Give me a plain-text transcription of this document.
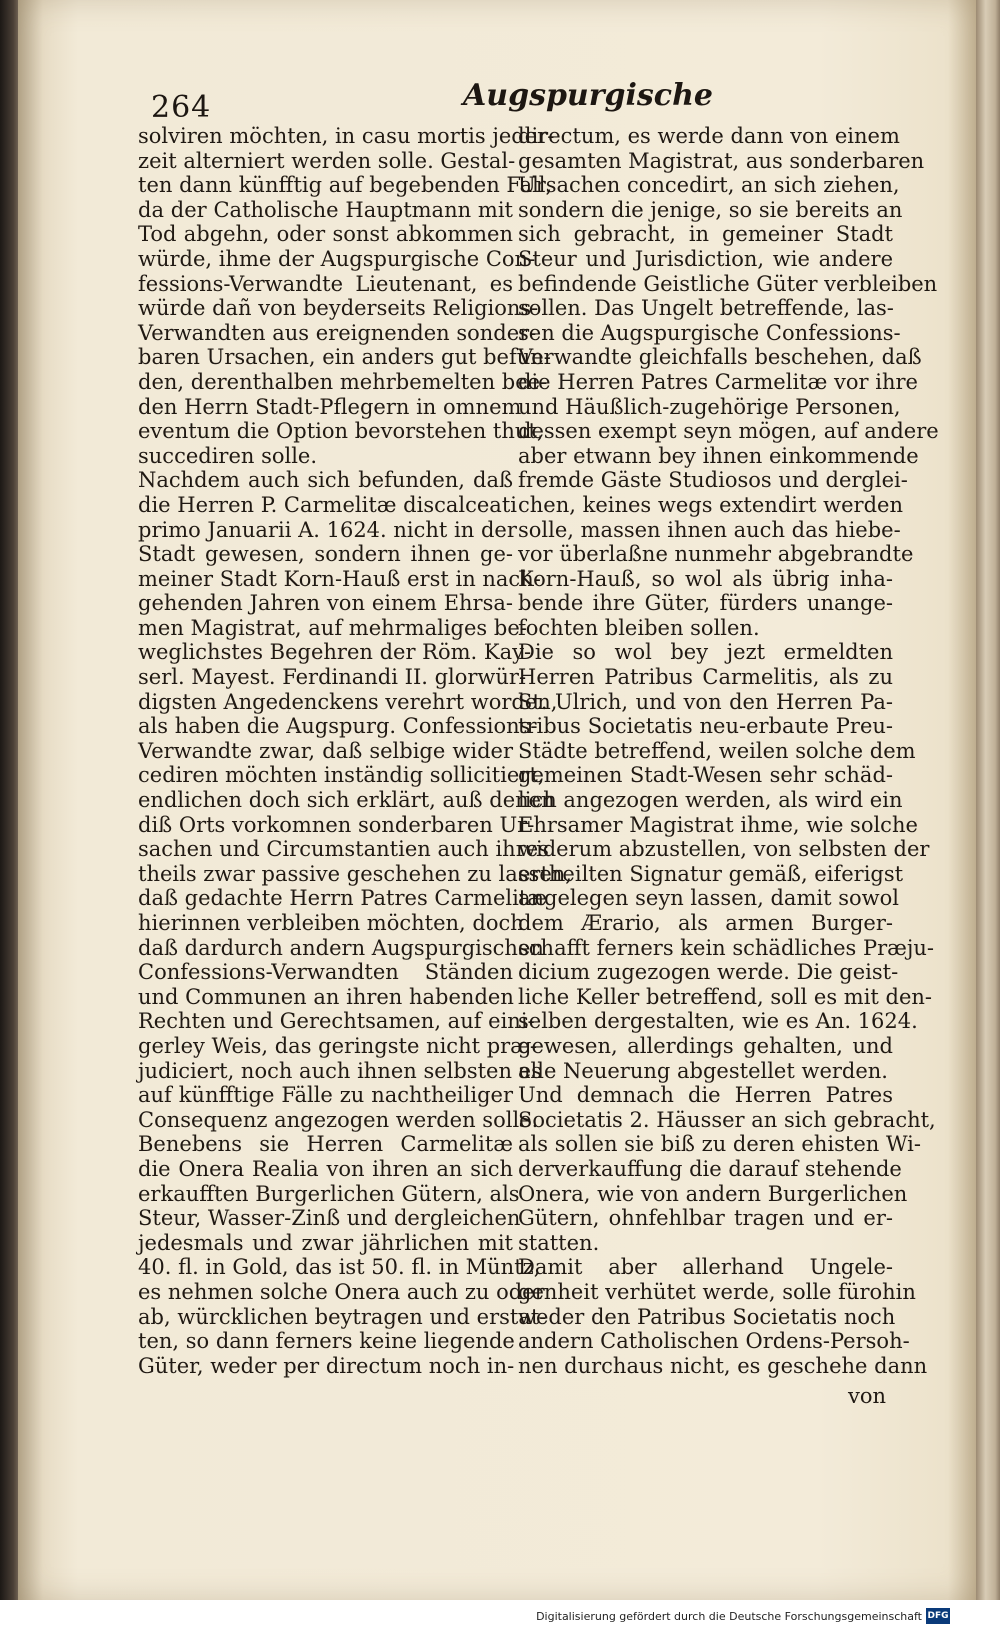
264	Augspurgische
solviren möchten, in casu mortis jeder-
zeit alterniert werden solle. Gestal-
ten dann künfftig auf begebenden Fall,
da der Catholische Hauptmann mit
Tod abgehn, oder sonst abkommen
würde, ihme der Augspurgische Con-
fessions-Verwandte Lieutenant, es
würde dañ von beyderseits Religions-
Verwandten aus ereignenden sonder-
baren Ursachen, ein anders gut befun-
den, derenthalben mehrbemelten bee-
den Herrn Stadt-Pflegern in omnem
eventum die Option bevorstehen thut,
succediren solle.
Nachdem auch sich befunden, daß
die Herren P. Carmelitæ discalceati
primo Januarii A. 1624. nicht in der
Stadt gewesen, sondern ihnen ge-
meiner Stadt Korn-Hauß erst in nach-
gehenden Jahren von einem Ehrsa-
men Magistrat, auf mehrmaliges be-
weglichstes Begehren der Röm. Kay-
serl. Mayest. Ferdinandi II. glorwür-
digsten Angedenckens verehrt worden,
als haben die Augspurg. Confessions-
Verwandte zwar, daß selbige wider
cediren möchten inständig sollicitiert,
endlichen doch sich erklärt, auß denen
diß Orts vorkomnen sonderbaren Ur-
sachen und Circumstantien auch ihres
theils zwar passive geschehen zu lassen,
daß gedachte Herrn Patres Carmelitæ
hierinnen verbleiben möchten, doch
daß dardurch andern Augspurgischen
Confessions-Verwandten Ständen
und Communen an ihren habenden
Rechten und Gerechtsamen, auf eini-
gerley Weis, das geringste nicht præ-
judiciert, noch auch ihnen selbsten es
auf künfftige Fälle zu nachtheiliger
Consequenz angezogen werden solle.
Benebens sie Herren Carmelitæ
die Onera Realia von ihren an sich
erkaufften Burgerlichen Gütern, als
Steur, Wasser-Zinß und dergleichen
jedesmals und zwar jährlichen mit
40. fl. in Gold, das ist 50. fl. in Müntz,
es nehmen solche Onera auch zu oder
ab, würcklichen beytragen und erstat-
ten, so dann ferners keine liegende
Güter, weder per directum noch in-
directum, es werde dann von einem
gesamten Magistrat, aus sonderbaren
Ursachen concedirt, an sich ziehen,
sondern die jenige, so sie bereits an
sich gebracht, in gemeiner Stadt
Steur und Jurisdiction, wie andere
befindende Geistliche Güter verbleiben
sollen. Das Ungelt betreffende, las-
sen die Augspurgische Confessions-
Verwandte gleichfalls beschehen, daß
die Herren Patres Carmelitæ vor ihre
und Häußlich-zugehörige Personen,
dessen exempt seyn mögen, auf andere
aber etwann bey ihnen einkommende
fremde Gäste Studiosos und derglei-
chen, keines wegs extendirt werden
solle, massen ihnen auch das hiebe-
vor überlaßne nunmehr abgebrandte
Korn-Hauß, so wol als übrig inha-
bende ihre Güter, fürders unange-
fochten bleiben sollen.
Die so wol bey jezt ermeldten
Herren Patribus Carmelitis, als zu
St. Ulrich, und von den Herren Pa-
tribus Societatis neu-erbaute Preu-
Städte betreffend, weilen solche dem
gemeinen Stadt-Wesen sehr schäd-
lich angezogen werden, als wird ein
Ehrsamer Magistrat ihme, wie solche
widerum abzustellen, von selbsten der
ertheilten Signatur gemäß, eiferigst
angelegen seyn lassen, damit sowol
dem Ærario, als armen Burger-
schafft ferners kein schädliches Præju-
dicium zugezogen werde. Die geist-
liche Keller betreffend, soll es mit den-
selben dergestalten, wie es An. 1624.
gewesen, allerdings gehalten, und
alle Neuerung abgestellet werden.
Und demnach die Herren Patres
Societatis 2. Häusser an sich gebracht,
als sollen sie biß zu deren ehisten Wi-
derverkauffung die darauf stehende
Onera, wie von andern Burgerlichen
Gütern, ohnfehlbar tragen und er-
statten.
Damit aber allerhand Ungele-
genheit verhütet werde, solle fürohin
weder den Patribus Societatis noch
andern Catholischen Ordens-Persoh-
nen durchaus nicht, es geschehe dann
von
Digitalisierung gefördert durch die Deutsche Forschungsgemeinschaft DFG
